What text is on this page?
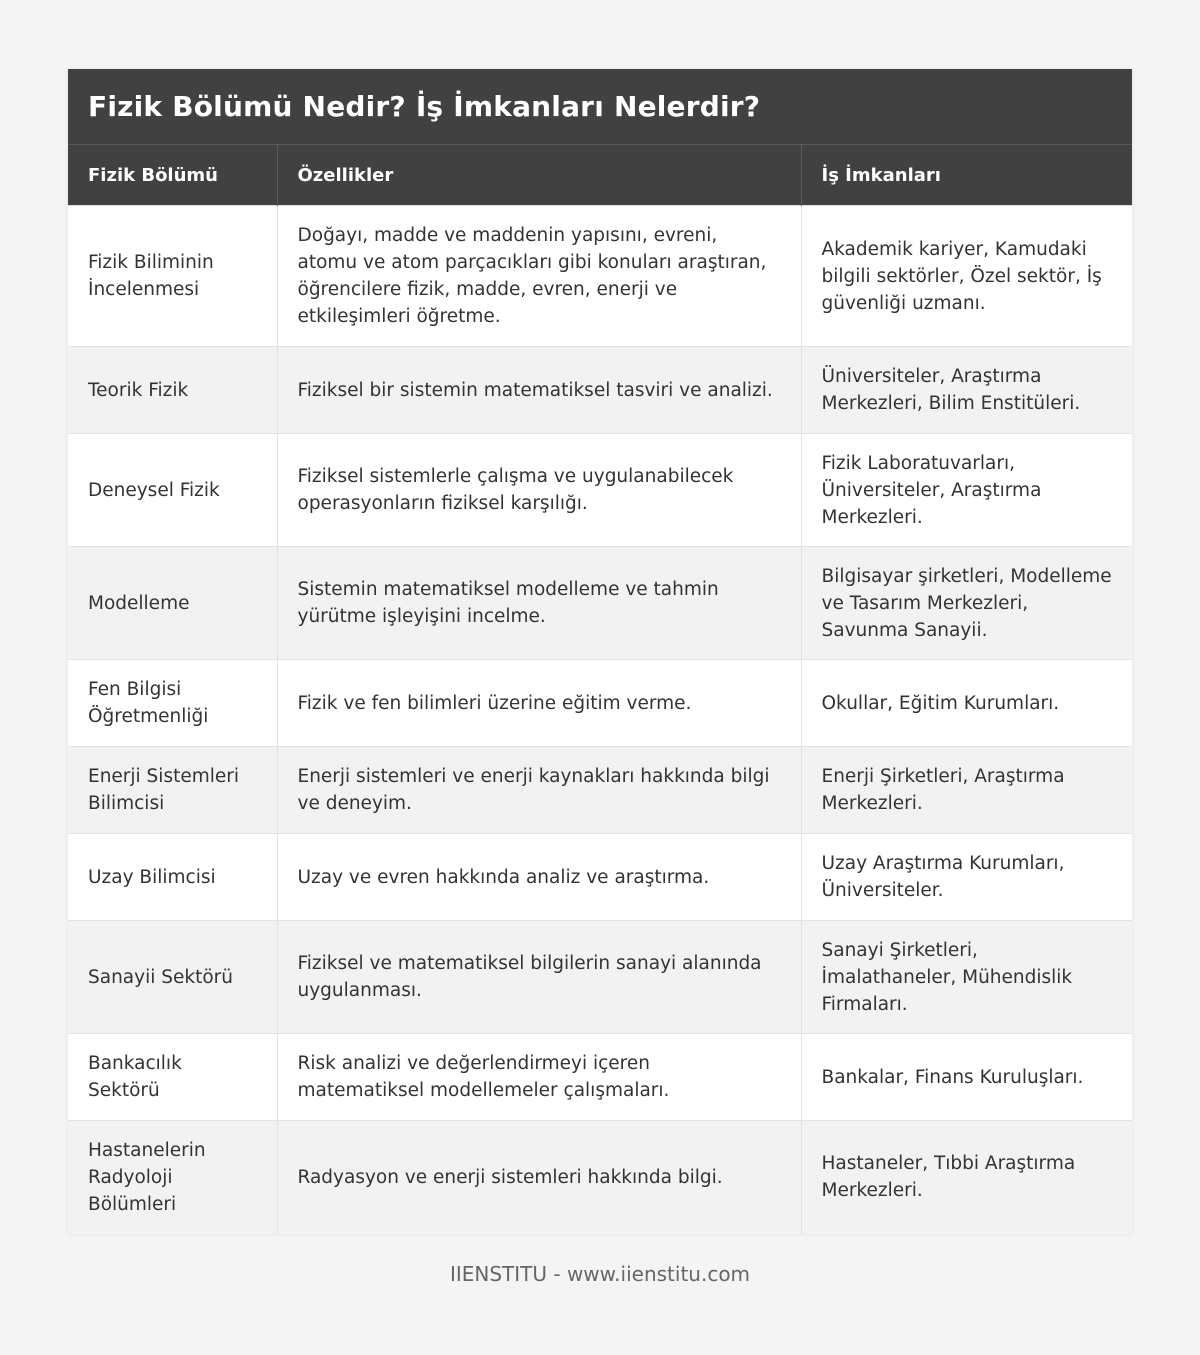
Fizik Bölümü Nedir? İş İmkanları Nelerdir?
Fizik Bölümü	Özellikler	İş İmkanları
Fizik Biliminin İncelenmesi	Doğayı, madde ve maddenin yapısını, evreni, atomu ve atom parçacıkları gibi konuları araştıran, öğrencilere fizik, madde, evren, enerji ve etkileşimleri öğretme.	Akademik kariyer, Kamudaki bilgili sektörler, Özel sektör, İş güvenliği uzmanı.
Teorik Fizik	Fiziksel bir sistemin matematiksel tasviri ve analizi.	Üniversiteler, Araştırma Merkezleri, Bilim Enstitüleri.
Deneysel Fizik	Fiziksel sistemlerle çalışma ve uygulanabilecek operasyonların fiziksel karşılığı.	Fizik Laboratuvarları, Üniversiteler, Araştırma Merkezleri.
Modelleme	Sistemin matematiksel modelleme ve tahmin yürütme işleyişini incelme.	Bilgisayar şirketleri, Modelleme ve Tasarım Merkezleri, Savunma Sanayii.
Fen Bilgisi Öğretmenliği	Fizik ve fen bilimleri üzerine eğitim verme.	Okullar, Eğitim Kurumları.
Enerji Sistemleri Bilimcisi	Enerji sistemleri ve enerji kaynakları hakkında bilgi ve deneyim.	Enerji Şirketleri, Araştırma Merkezleri.
Uzay Bilimcisi	Uzay ve evren hakkında analiz ve araştırma.	Uzay Araştırma Kurumları, Üniversiteler.
Sanayii Sektörü	Fiziksel ve matematiksel bilgilerin sanayi alanında uygulanması.	Sanayi Şirketleri, İmalathaneler, Mühendislik Firmaları.
Bankacılık Sektörü	Risk analizi ve değerlendirmeyi içeren matematiksel modellemeler çalışmaları.	Bankalar, Finans Kuruluşları.
Hastanelerin Radyoloji Bölümleri	Radyasyon ve enerji sistemleri hakkında bilgi.	Hastaneler, Tıbbi Araştırma Merkezleri.
IIENSTITU - www.iienstitu.com
